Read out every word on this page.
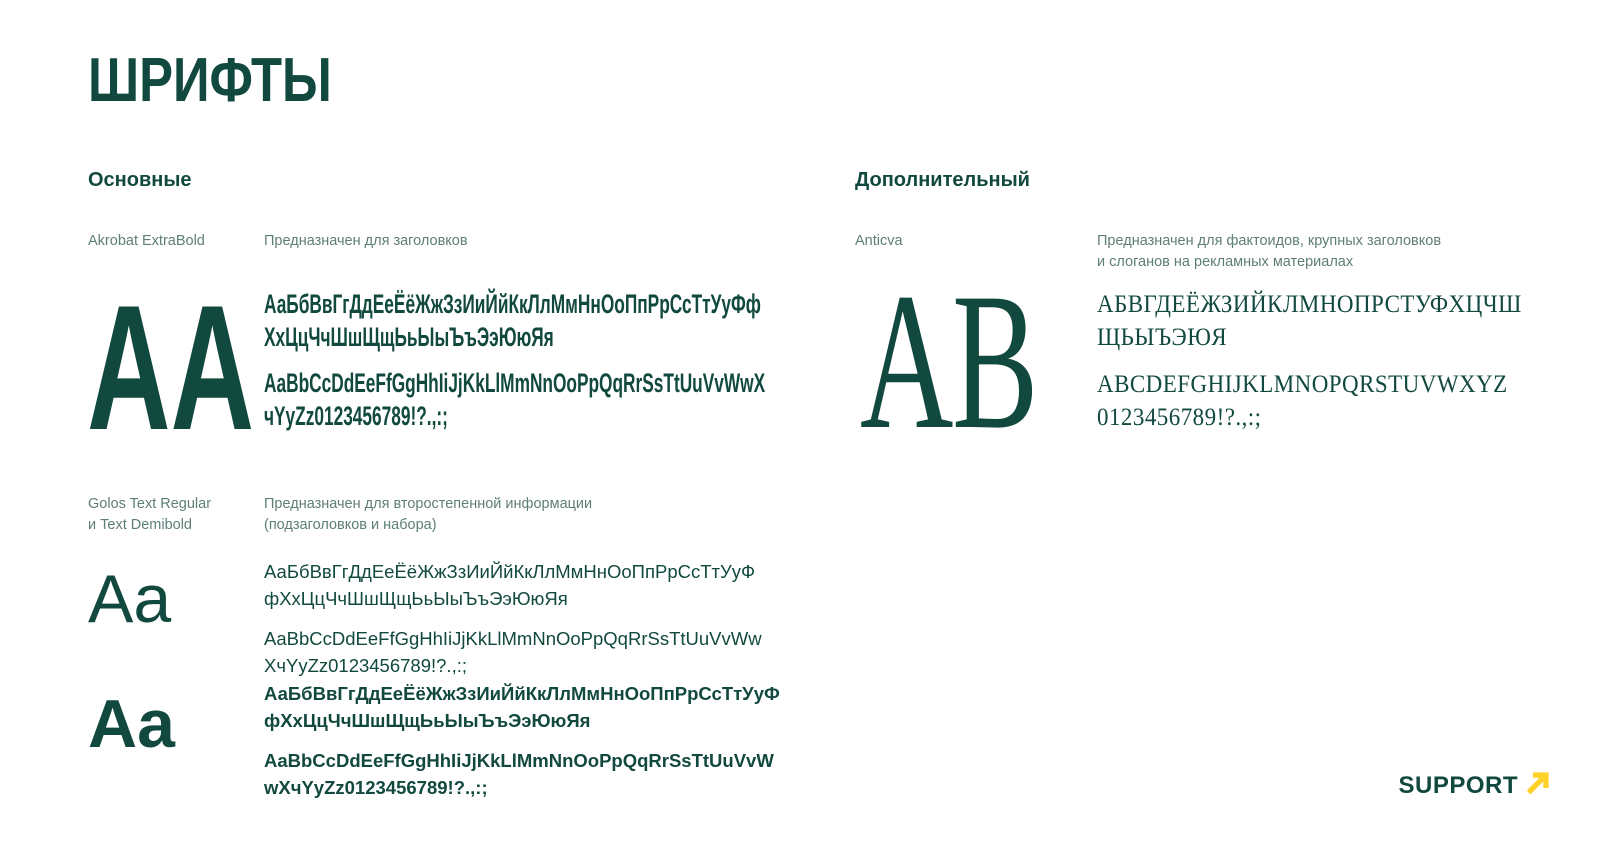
ШРИФТЫ
Основные
Akrobat ExtraBold	Предназначен для заголовков
АА АаБбВвГгДдЕеЁёЖжЗзИиЙйКкЛлМмНнОоПпРрСсТтУуФф
ХхЦцЧчШшЩщЬьЫыЪъЭэЮюЯя
AaBbCcDdEeFfGgHhIiJjKkLlMmNnOoPpQqRrSsTtUuVvWwX
чYyZz0123456789!?.,:;
Golos Text Regular
и Text Demibold
Предназначен для второстепенной информации
(подзаголовков и набора)
Aa	АаБбВвГгДдЕеЁёЖжЗзИиЙйКкЛлМмНнОоПпРрСсТтУуФ
фХхЦцЧчШшЩщЬьЫыЪъЭэЮюЯя
AaBbCcDdEeFfGgHhIiJjKkLlMmNnOoPpQqRrSsTtUuVvWw
XчYyZz0123456789!?.,:;
Aa	АаБбВвГгДдЕеЁёЖжЗзИиЙйКкЛлМмНнОоПпРрСсТтУуФ
фХхЦцЧчШшЩщЬьЫыЪъЭэЮюЯя
AaBbCcDdEeFfGgHhIiJjKkLlMmNnOoPpQqRrSsTtUuVvW
wXчYyZz0123456789!?.,:;
Дополнительный
Anticva	Предназначен для фактоидов, крупных заголовков
и слоганов на рекламных материалах
АВ АБВГДЕЁЖЗИЙКЛМНОПРСТУФХЦЧШ
ЩЬЫЪЭЮЯ
ABCDEFGHIJKLMNOPQRSTUVWXYZ
0123456789!?.,:;
SUPPORT
